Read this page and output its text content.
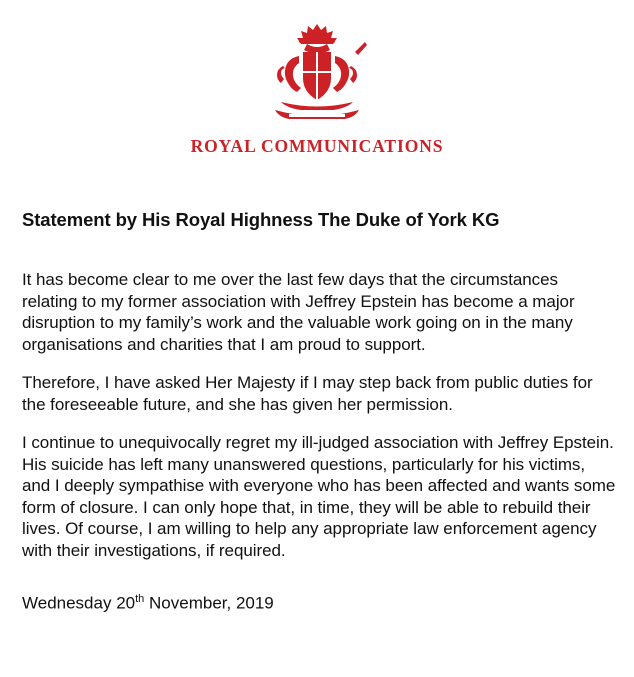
ROYAL COMMUNICATIONS
Statement by His Royal Highness The Duke of York KG

It has become clear to me over the last few days that the circumstances relating to my former association with Jeffrey Epstein has become a major disruption to my family’s work and the valuable work going on in the many organisations and charities that I am proud to support.

Therefore, I have asked Her Majesty if I may step back from public duties for the foreseeable future, and she has given her permission.

I continue to unequivocally regret my ill-judged association with Jeffrey Epstein. His suicide has left many unanswered questions, particularly for his victims, and I deeply sympathise with everyone who has been affected and wants some form of closure. I can only hope that, in time, they will be able to rebuild their lives. Of course, I am willing to help any appropriate law enforcement agency with their investigations, if required.

Wednesday 20th November, 2019
